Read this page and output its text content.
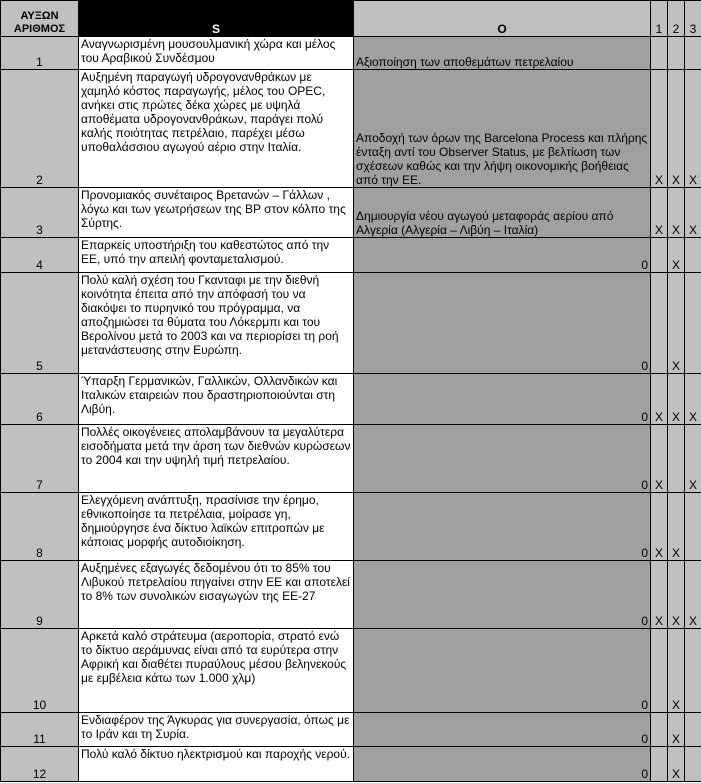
ΑΥΞΩΝ ΑΡΙΘΜΟΣ	S	O	1	2	3
1	Αναγνωρισμένη μουσουλμανική χώρα και μέλος του Αραβικού Συνδέσμου	Αξιοποίηση των αποθεμάτων πετρελαίου			
2	Αυξημένη παραγωγή υδρογονανθράκων με χαμηλό κόστος παραγωγής, μέλος του OPEC, ανήκει στις πρώτες δέκα χώρες με υψηλά αποθέματα υδρογονανθράκων, παράγει πολύ καλής ποιότητας πετρέλαιο, παρέχει μέσω υποθαλάσσιου αγωγού αέριο στην Ιταλία.	Αποδοχή των όρων της Barcelona Process και πλήρης ένταξη αντί του Observer Status, με βελτίωση των σχέσεων καθώς και την λήψη οικονομικής βοήθειας από την ΕΕ.	X	X	X
3	Προνομιακός συνέταιρος Βρετανών – Γάλλων , λόγω και των γεωτρήσεων της BP στον κόλπο της Σύρτης.	Δημιουργία νέου αγωγού μεταφοράς αερίου από Αλγερία (Αλγερία – Λιβύη – Ιταλία)	X	X	X
4	Επαρκείς υποστήριξη του καθεστώτος από την ΕΕ, υπό την απειλή φονταμεταλισμού.	0		X	
5	Πολύ καλή σχέση του Γκανταφι με την διεθνή κοινότητα έπειτα από την απόφασή του να διακόψει το πυρηνικό του πρόγραμμα, να αποζημιώσει τα θύματα του Λόκερμπι και του Βερολίνου μετά το 2003 και να περιορίσει τη ροή μετανάστευσης στην Ευρώπη.	0		X	
6	Ύπαρξη Γερμανικών, Γαλλικών, Ολλανδικών και Ιταλικών εταιρειών που δραστηριοποιούνται στη Λιβύη.	0	X	X	X
7	Πολλές οικογένειες απολαμβάνουν τα μεγαλύτερα εισοδήματα μετά την άρση των διεθνών κυρώσεων το 2004 και την υψηλή τιμή πετρελαίου.	0	X		X
8	Ελεγχόμενη ανάπτυξη, πρασίνισε την έρημο, εθνικοποίησε τα πετρέλαια, μοίρασε γη, δημιούργησε ένα δίκτυο λαϊκών επιτροπών με κάποιας μορφής αυτοδιοίκηση.	0	X	X	
9	Αυξημένες εξαγωγές δεδομένου ότι το 85% του Λιβυκού πετρελαίου πηγαίνει στην ΕΕ και αποτελεί το 8% των συνολικών εισαγωγών της ΕΕ-27	0	X	X	X
10	Αρκετά καλό στράτευμα (αεροπορία, στρατό ενώ το δίκτυο αεράμυνας είναι από τα ευρύτερα στην Αφρική και διαθέτει πυραύλους μέσου βεληνεκούς με εμβέλεια κάτω των 1.000 χλμ)	0		X	
11	Ενδιαφέρον της Άγκυρας για συνεργασία, όπως με το Ιράν και τη Συρία.	0		X	
12	Πολύ καλό δίκτυο ηλεκτρισμού και παροχής νερού.	0		X	
